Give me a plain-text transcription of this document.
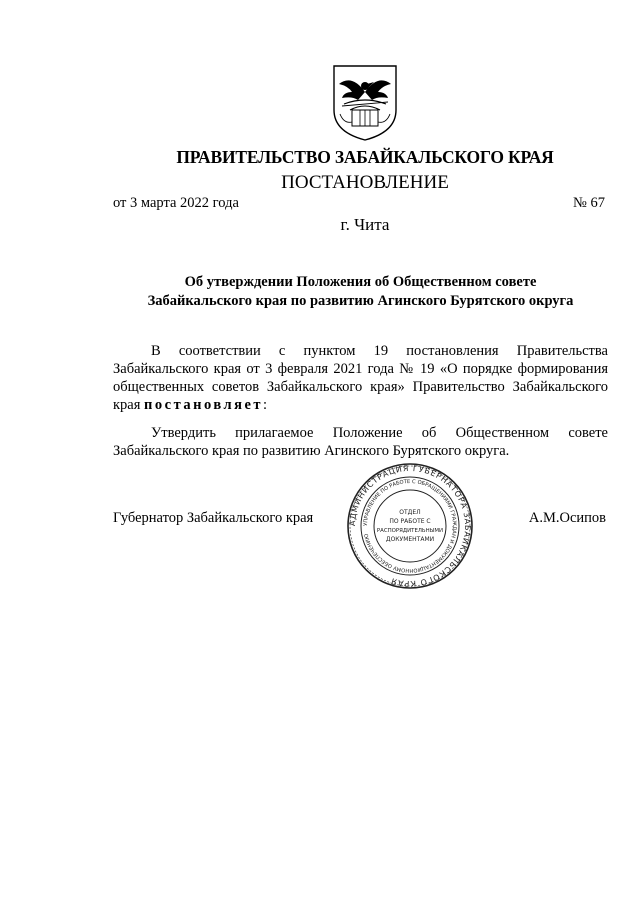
ПРАВИТЕЛЬСТВО ЗАБАЙКАЛЬСКОГО КРАЯ
ПОСТАНОВЛЕНИЕ
от 3 марта 2022 года	№ 67
г. Чита
Об утверждении Положения об Общественном совете
Забайкальского края по развитию Агинского Бурятского округа
В соответствии с пунктом 19 постановления Правительства Забайкальского края от 3 февраля 2021 года № 19 «О порядке формирования общественных советов Забайкальского края» Правительство Забайкальского края постановляет:
Утвердить прилагаемое Положение об Общественном совете Забайкальского края по развитию Агинского Бурятского округа.
Губернатор Забайкальского края	А.М.Осипов
АДМИНИСТРАЦИЯ ГУБЕРНАТОРА ЗАБАЙКАЛЬСКОГО КРАЯ
УПРАВЛЕНИЕ ПО РАБОТЕ С ОБРАЩЕНИЯМИ ГРАЖДАН И ДОКУМЕНТАЦИОННОМУ ОБЕСПЕЧЕНИЮ
ОТДЕЛ
ПО РАБОТЕ С
РАСПОРЯДИТЕЛЬНЫМИ
ДОКУМЕНТАМИ
